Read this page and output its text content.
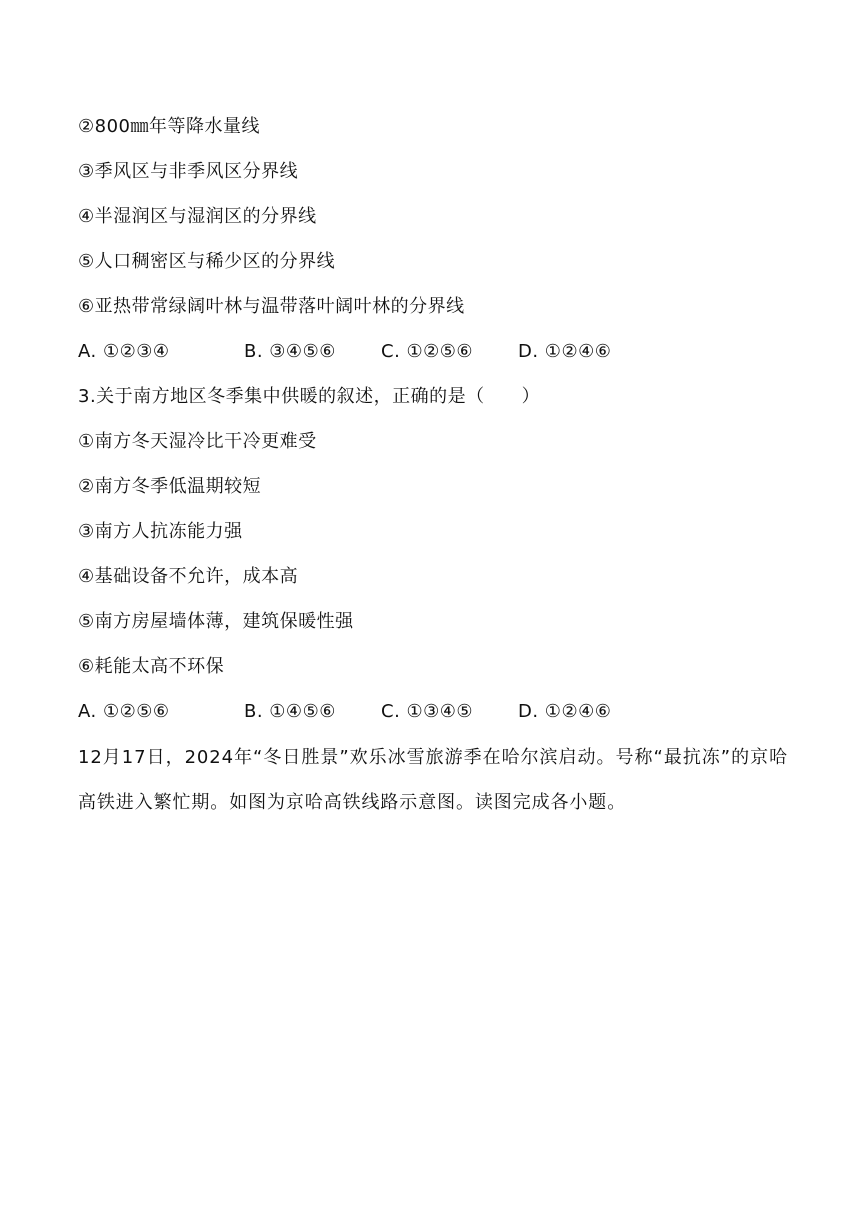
②800㎜年等降水量线
③季风区与非季风区分界线
④半湿润区与湿润区的分界线
⑤人口稠密区与稀少区的分界线
⑥亚热带常绿阔叶林与温带落叶阔叶林的分界线
A. ①②③④	B. ③④⑤⑥	C. ①②⑤⑥	D. ①②④⑥
3.关于南方地区冬季集中供暖的叙述，正确的是（　　）
①南方冬天湿冷比干冷更难受
②南方冬季低温期较短
③南方人抗冻能力强
④基础设备不允许，成本高
⑤南方房屋墙体薄，建筑保暖性强
⑥耗能太高不环保
A. ①②⑤⑥	B. ①④⑤⑥	C. ①③④⑤	D. ①②④⑥
12月17日，2024年“冬日胜景”欢乐冰雪旅游季在哈尔滨启动。号称“最抗冻”的京哈高铁进入繁忙期。如图为京哈高铁线路示意图。读图完成各小题。
